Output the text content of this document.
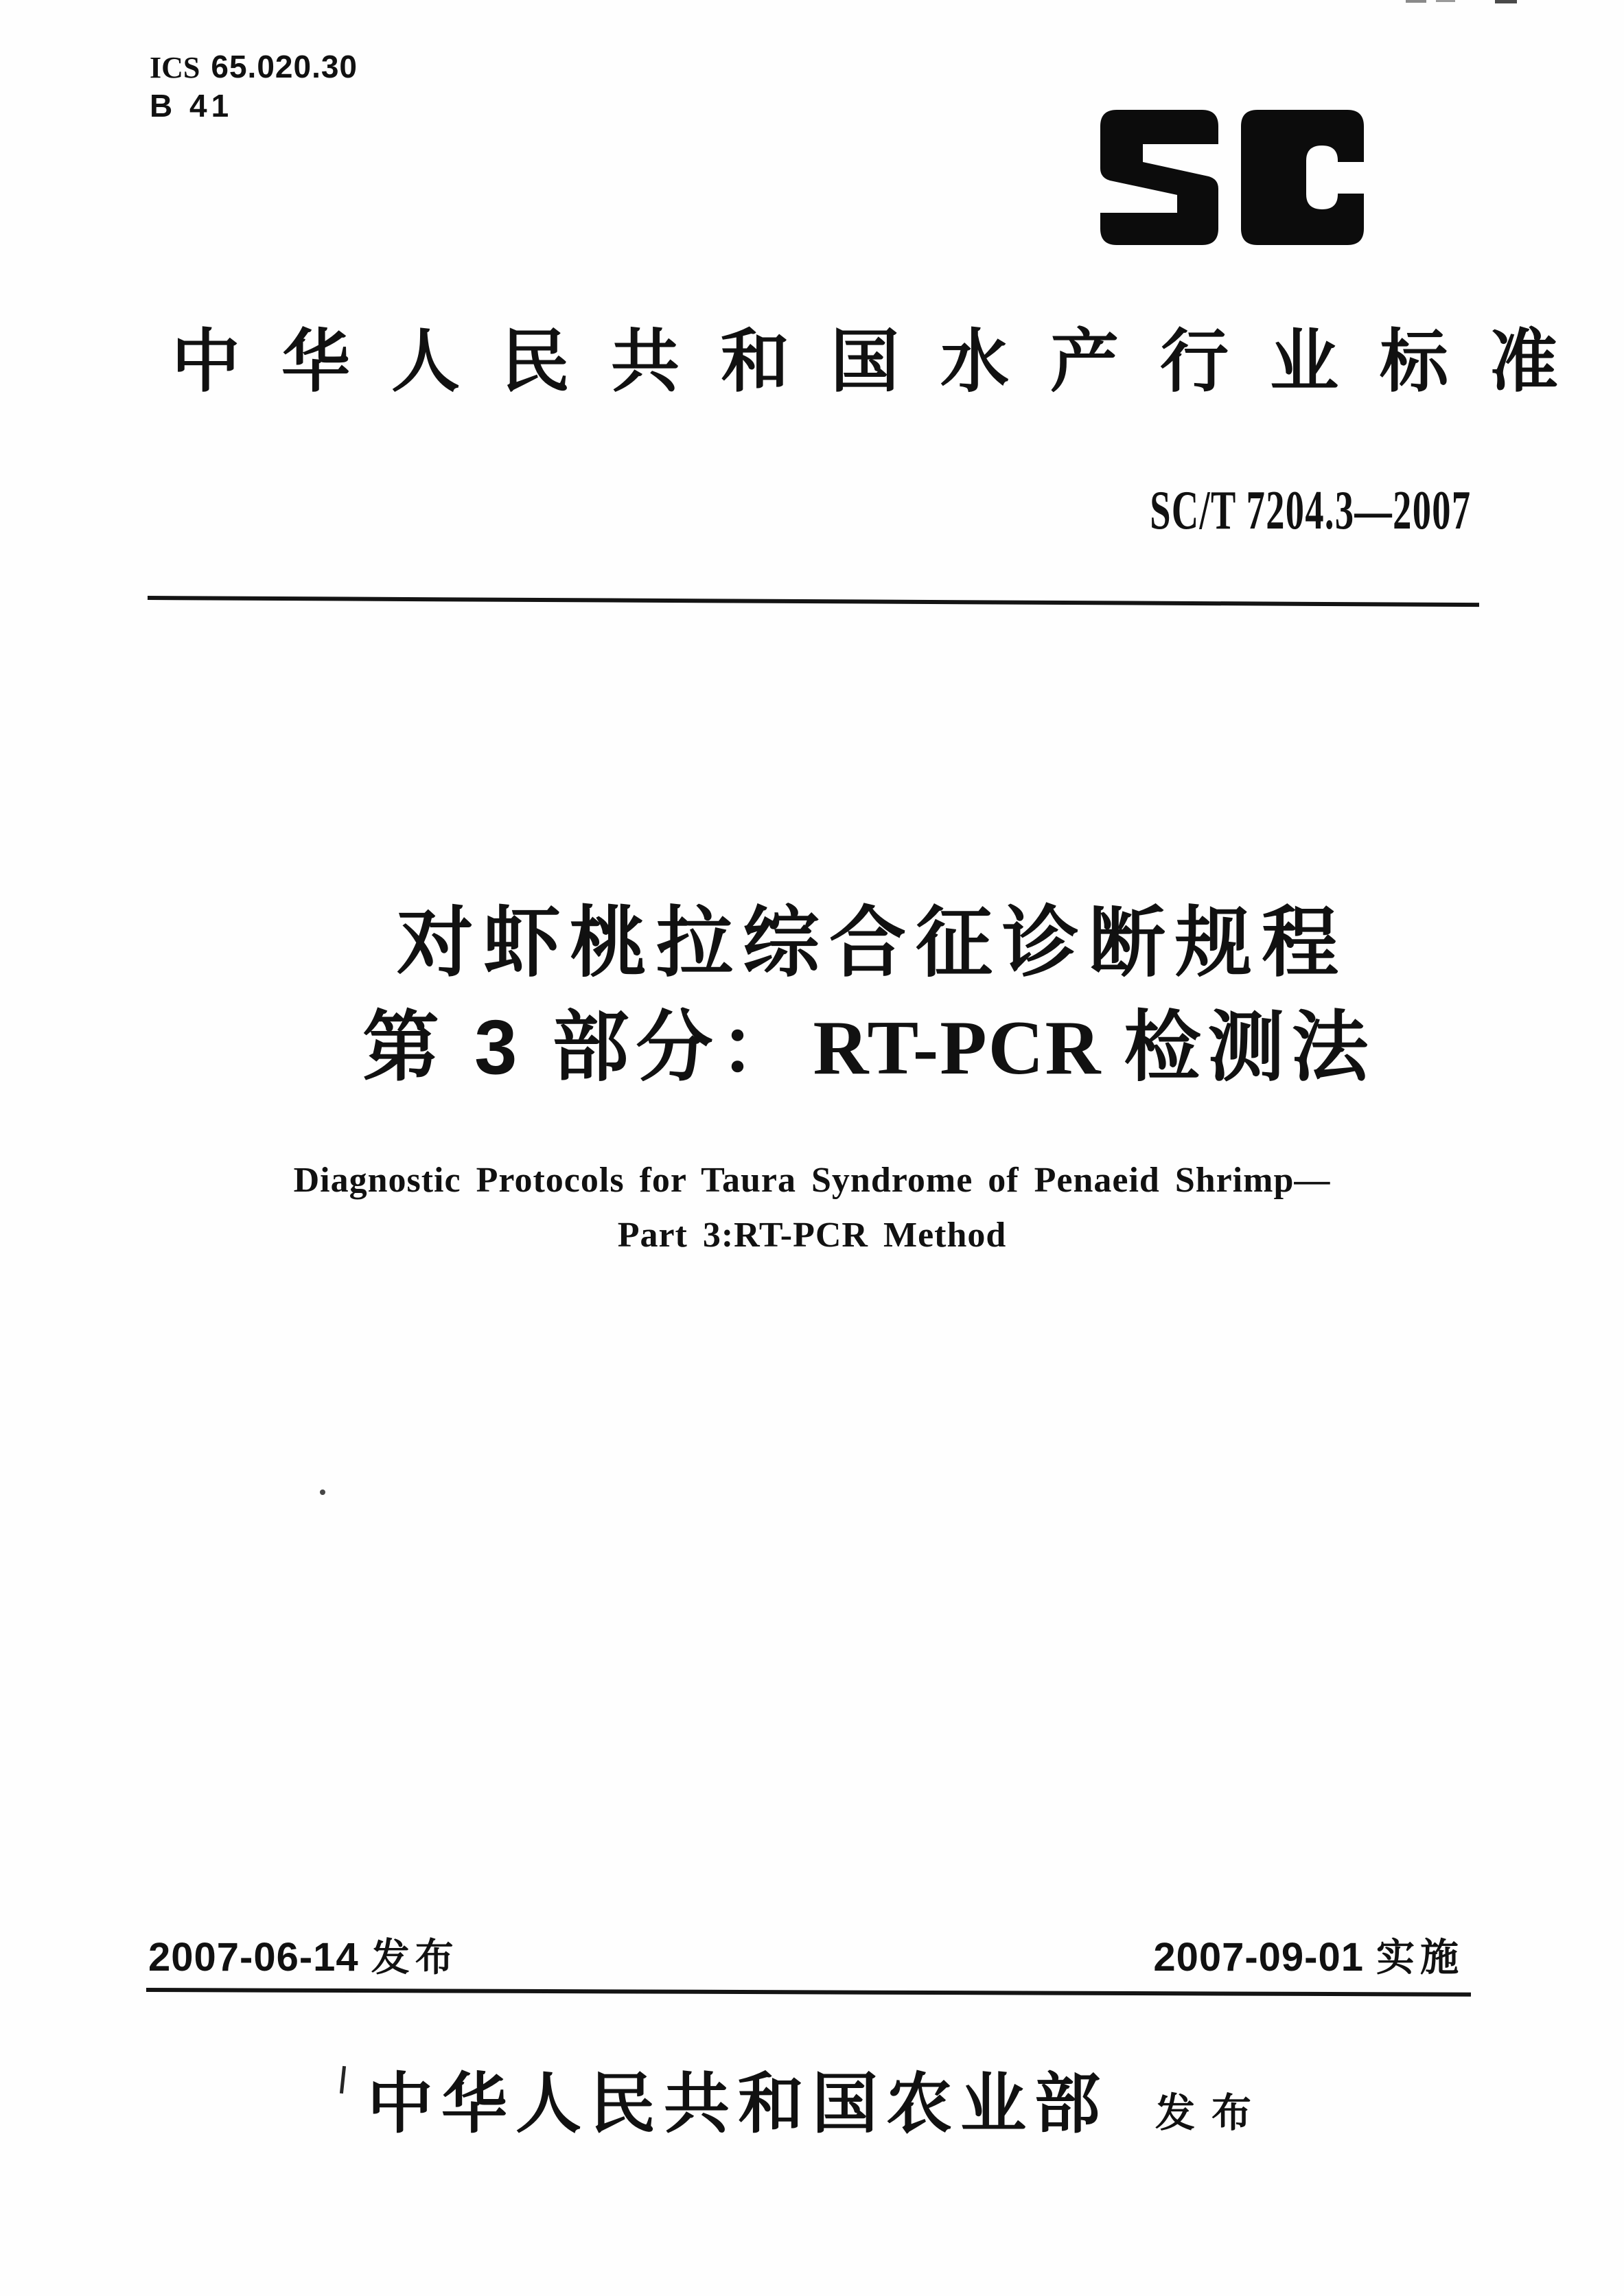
ICS 65.020.30
B 41
中华人民共和国水产行业标准
SC/T 7204.3—2007
对虾桃拉综合征诊断规程
第 3 部分： RT-PCR 检测法
Diagnostic Protocols for Taura Syndrome of Penaeid Shrimp—
Part 3:RT-PCR Method
2007-06-14 发布	2007-09-01 实施
中华人民共和国农业部 发布
